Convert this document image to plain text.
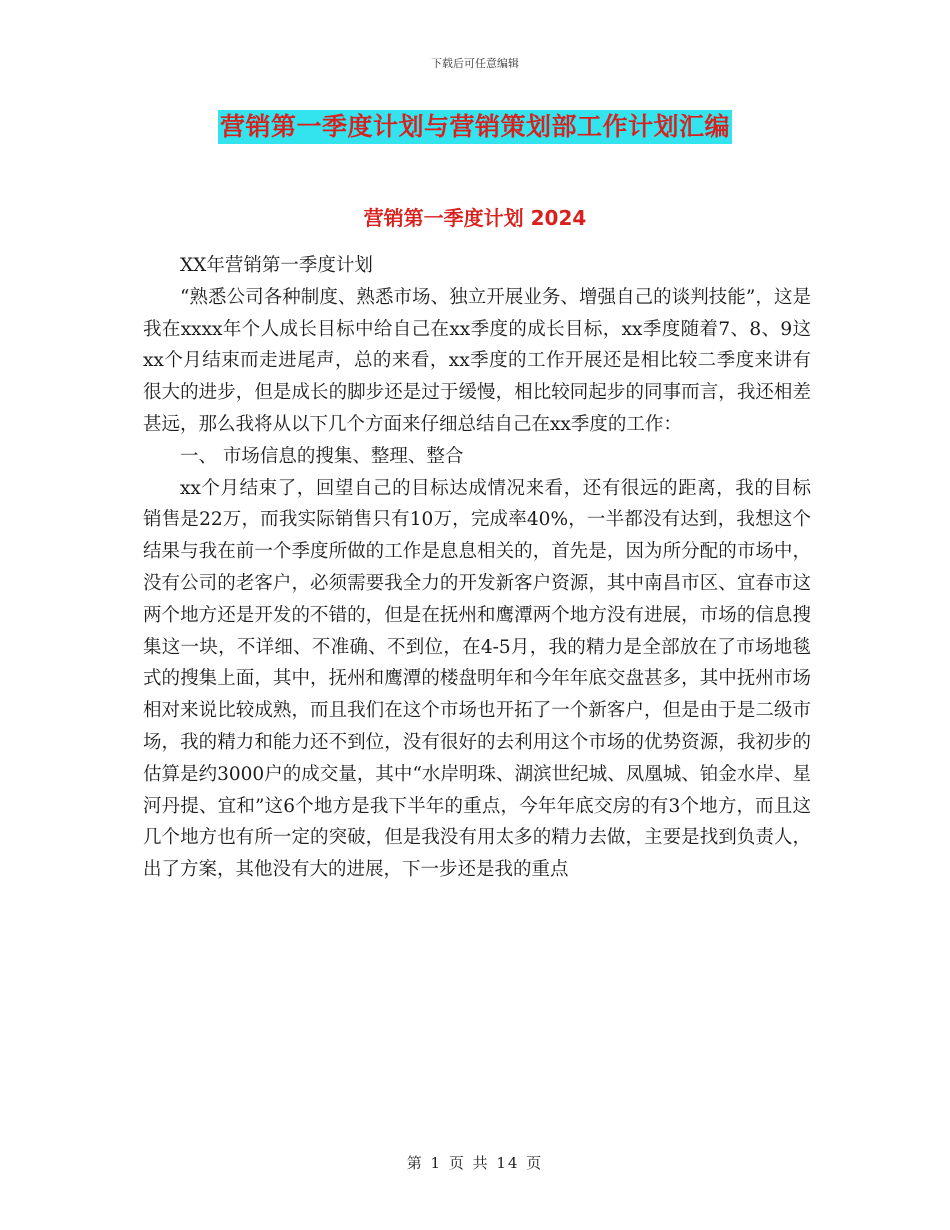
下载后可任意编辑
营销第一季度计划与营销策划部工作计划汇编
营销第一季度计划 2024

XX年营销第一季度计划

“熟悉公司各种制度、熟悉市场、独立开展业务、增强自己的谈判技能”，这是我在xxxx年个人成长目标中给自己在xx季度的成长目标，xx季度随着7、8、9这xx个月结束而走进尾声，总的来看，xx季度的工作开展还是相比较二季度来讲有很大的进步，但是成长的脚步还是过于缓慢，相比较同起步的同事而言，我还相差甚远，那么我将从以下几个方面来仔细总结自己在xx季度的工作：

一、 市场信息的搜集、整理、整合

xx个月结束了，回望自己的目标达成情况来看，还有很远的距离，我的目标销售是22万，而我实际销售只有10万，完成率40%，一半都没有达到，我想这个结果与我在前一个季度所做的工作是息息相关的，首先是，因为所分配的市场中，没有公司的老客户，必须需要我全力的开发新客户资源，其中南昌市区、宜春市这两个地方还是开发的不错的，但是在抚州和鹰潭两个地方没有进展，市场的信息搜集这一块，不详细、不准确、不到位，在4-5月，我的精力是全部放在了市场地毯式的搜集上面，其中，抚州和鹰潭的楼盘明年和今年年底交盘甚多，其中抚州市场相对来说比较成熟，而且我们在这个市场也开拓了一个新客户，但是由于是二级市场，我的精力和能力还不到位，没有很好的去利用这个市场的优势资源，我初步的估算是约3000户的成交量，其中“水岸明珠、湖滨世纪城、凤凰城、铂金水岸、星河丹提、宜和”这6个地方是我下半年的重点，今年年底交房的有3个地方，而且这几个地方也有所一定的突破，但是我没有用太多的精力去做，主要是找到负责人，出了方案，其他没有大的进展，下一步还是我的重点

第 1 页 共 14 页
